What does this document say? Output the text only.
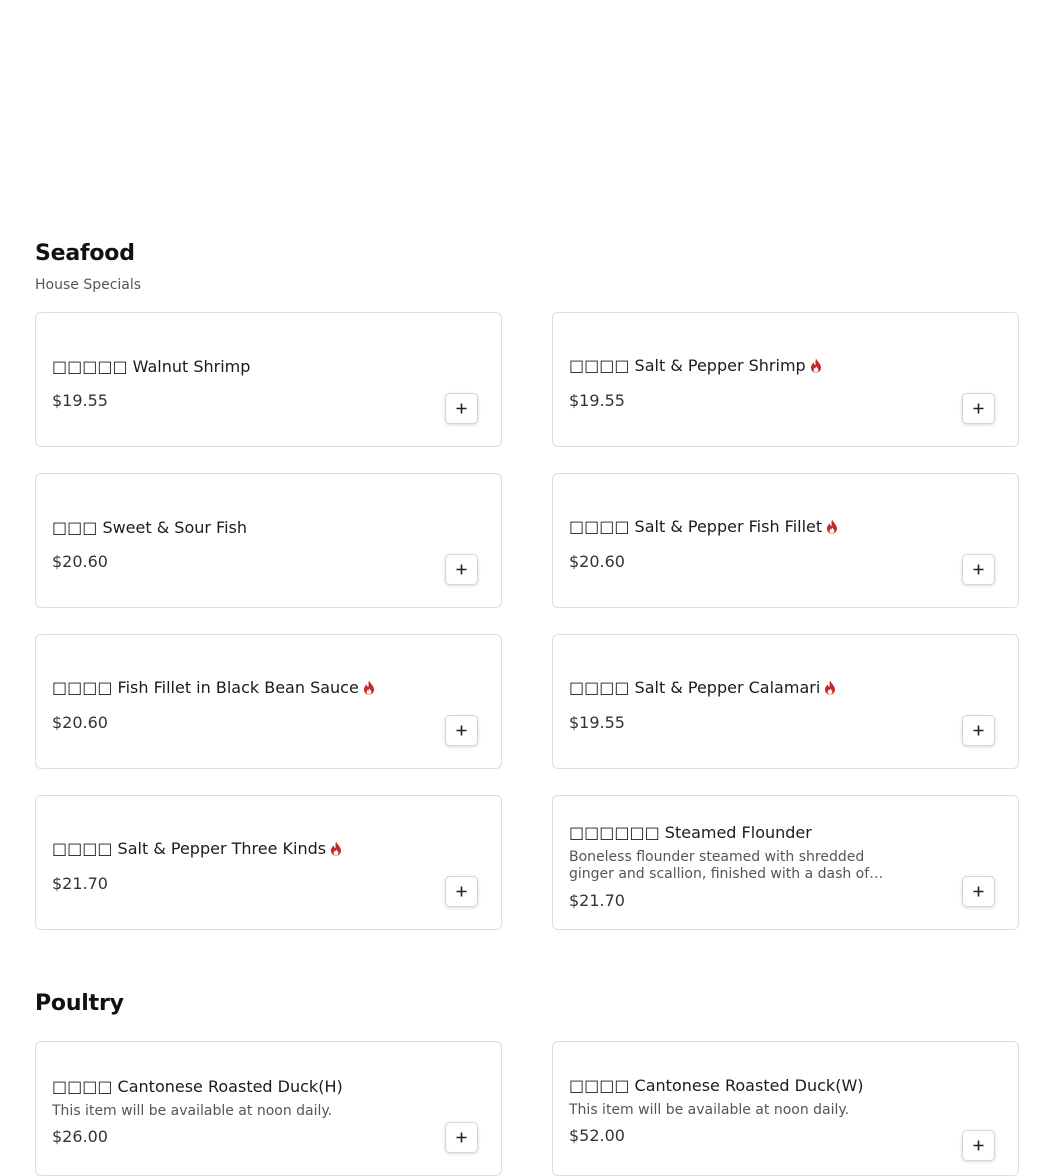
Seafood

House Specials

□□□□□ Walnut Shrimp

$19.55

□□□□ Salt & Pepper Shrimp

$19.55

□□□ Sweet & Sour Fish

$20.60

□□□□ Salt & Pepper Fish Fillet

$20.60

□□□□ Fish Fillet in Black Bean Sauce

$20.60

□□□□ Salt & Pepper Calamari

$19.55

□□□□ Salt & Pepper Three Kinds

$21.70

□□□□□□ Steamed Flounder

Boneless flounder steamed with shredded ginger and scallion, finished with a dash of

$21.70

Poultry

□□□□ Cantonese Roasted Duck(H)

This item will be available at noon daily.

$26.00

□□□□ Cantonese Roasted Duck(W)

This item will be available at noon daily.

$52.00
